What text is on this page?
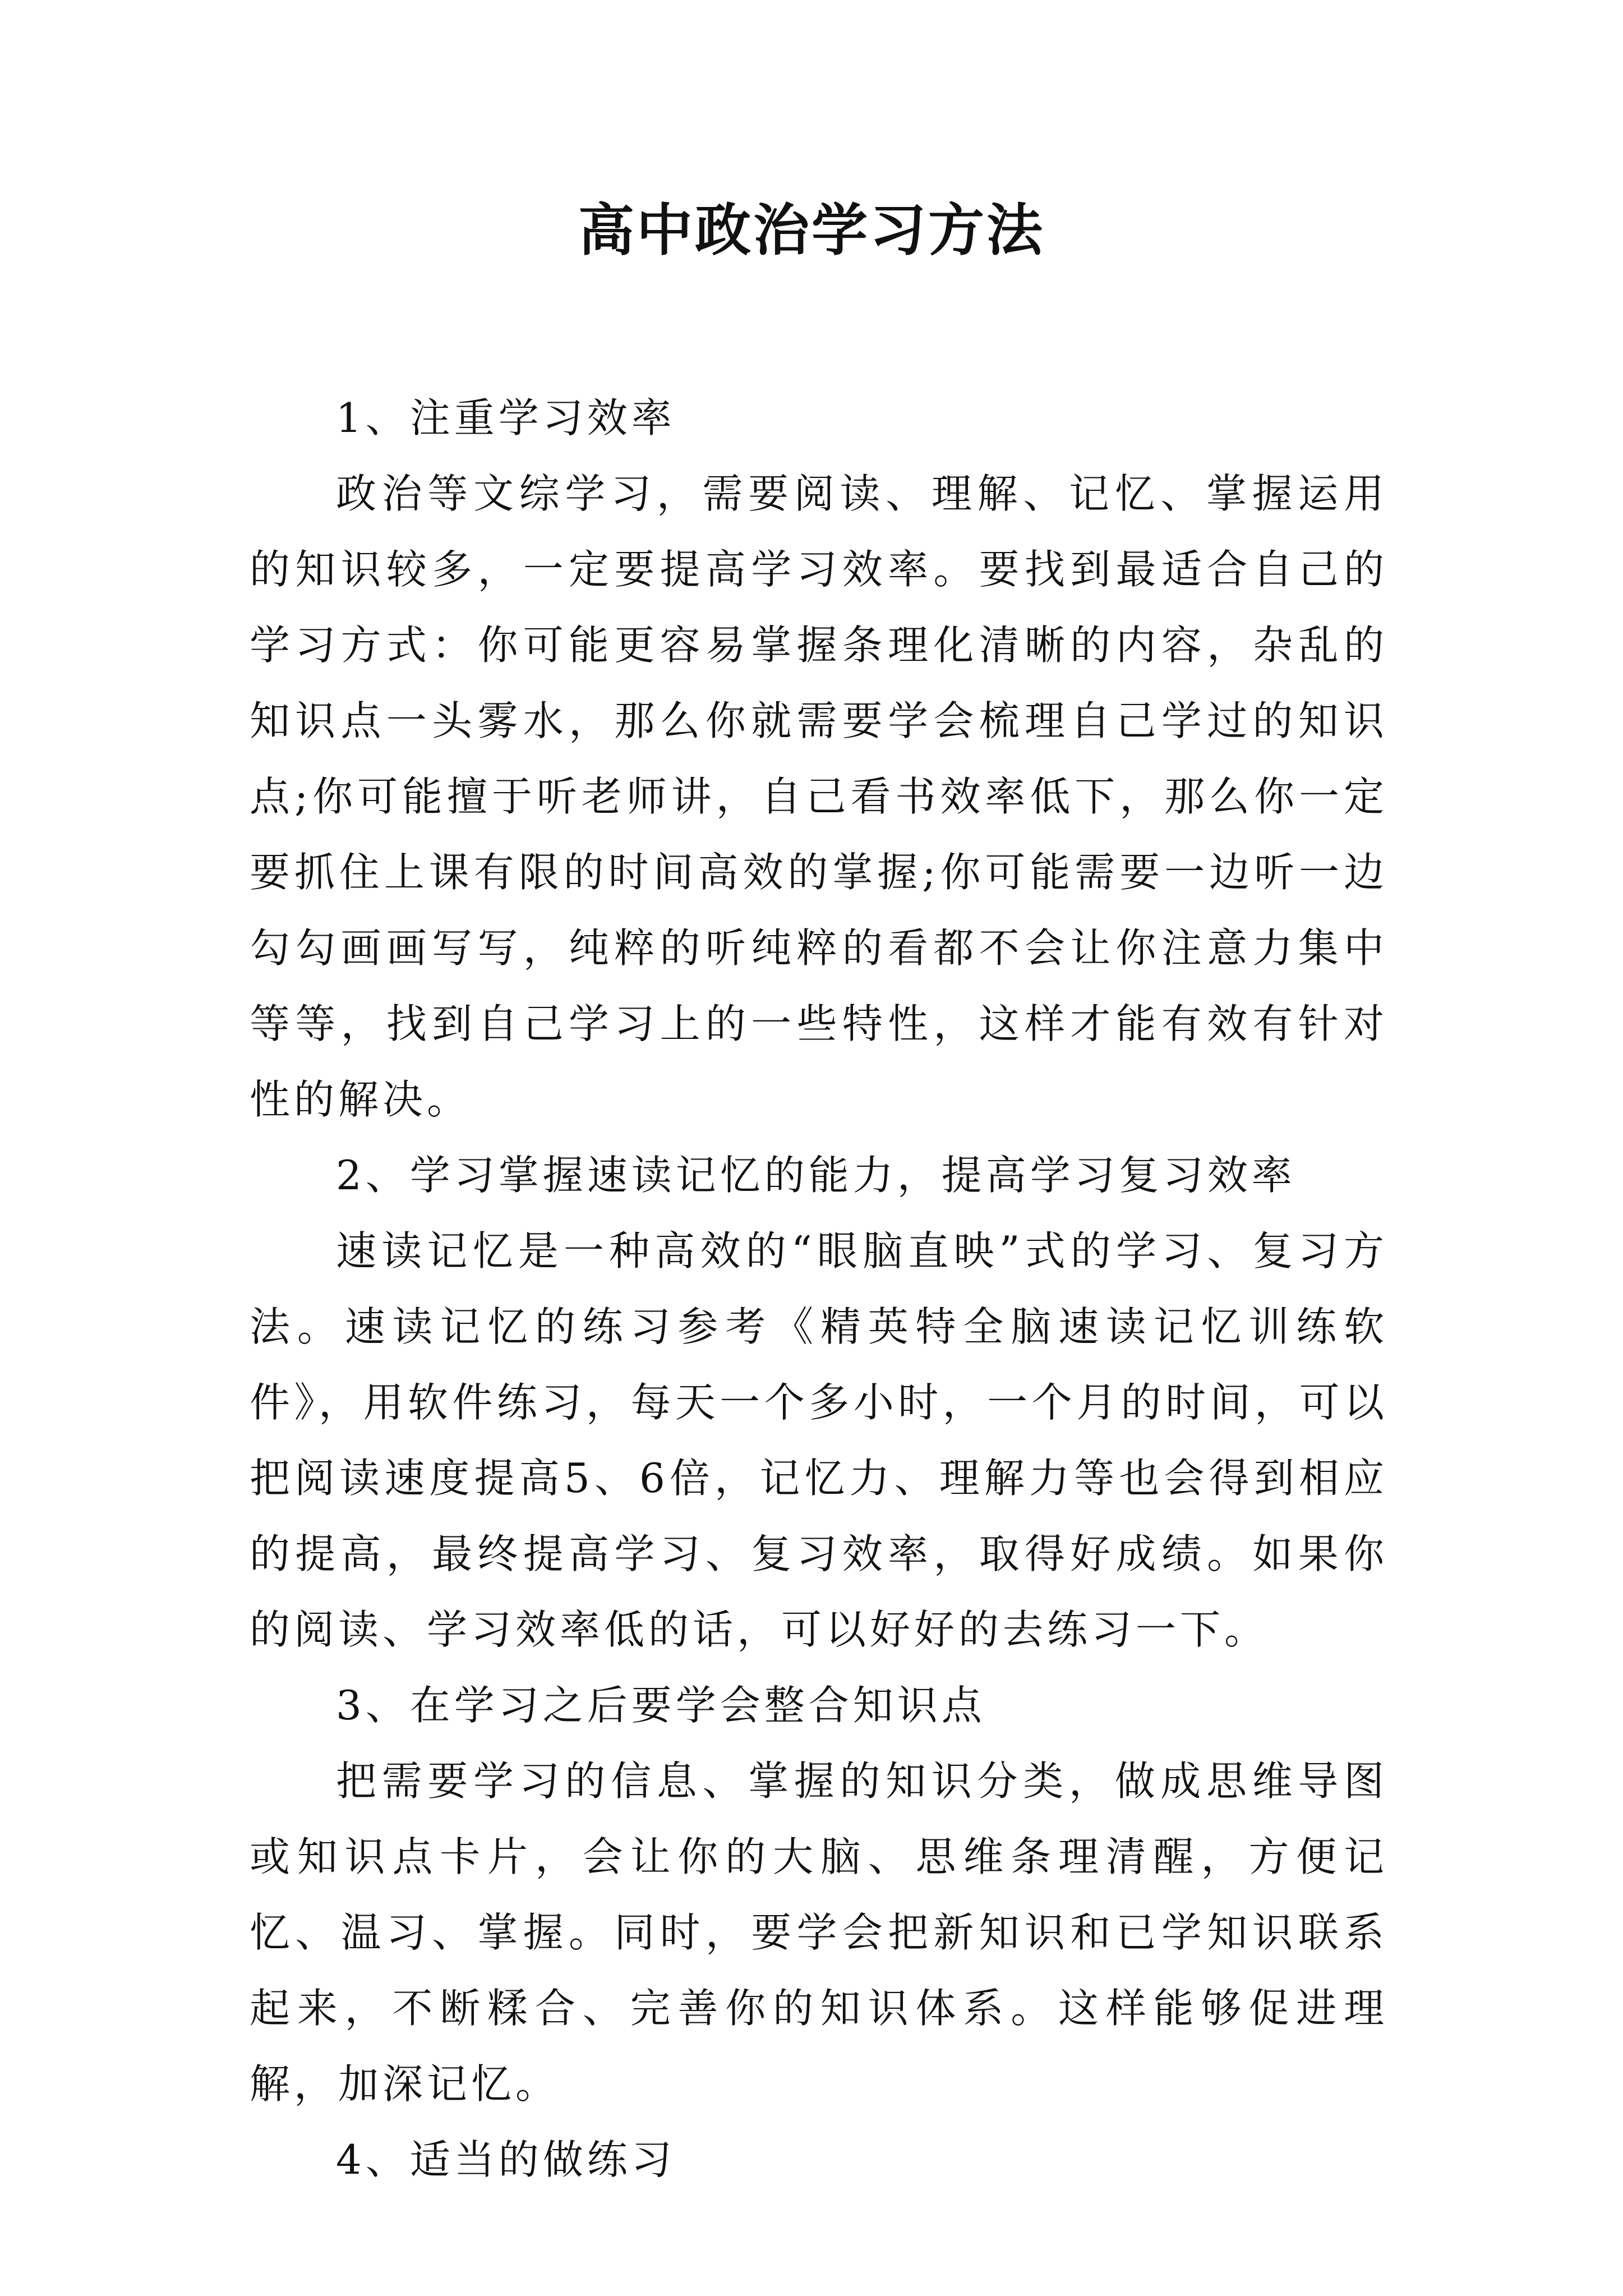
高中政治学习方法

1、注重学习效率

政治等文综学习，需要阅读、理解、记忆、掌握运用的知识较多，一定要提高学习效率。要找到最适合自己的学习方式：你可能更容易掌握条理化清晰的内容，杂乱的知识点一头雾水，那么你就需要学会梳理自己学过的知识点;你可能擅于听老师讲，自己看书效率低下，那么你一定要抓住上课有限的时间高效的掌握;你可能需要一边听一边勾勾画画写写，纯粹的听纯粹的看都不会让你注意力集中等等，找到自己学习上的一些特性，这样才能有效有针对性的解决。

2、学习掌握速读记忆的能力，提高学习复习效率

速读记忆是一种高效的“眼脑直映”式的学习、复习方法。速读记忆的练习参考《精英特全脑速读记忆训练软件》，用软件练习，每天一个多小时，一个月的时间，可以把阅读速度提高5、6倍，记忆力、理解力等也会得到相应的提高，最终提高学习、复习效率，取得好成绩。如果你的阅读、学习效率低的话，可以好好的去练习一下。

3、在学习之后要学会整合知识点

把需要学习的信息、掌握的知识分类，做成思维导图或知识点卡片，会让你的大脑、思维条理清醒，方便记忆、温习、掌握。同时，要学会把新知识和已学知识联系起来，不断糅合、完善你的知识体系。这样能够促进理解，加深记忆。

4、适当的做练习
